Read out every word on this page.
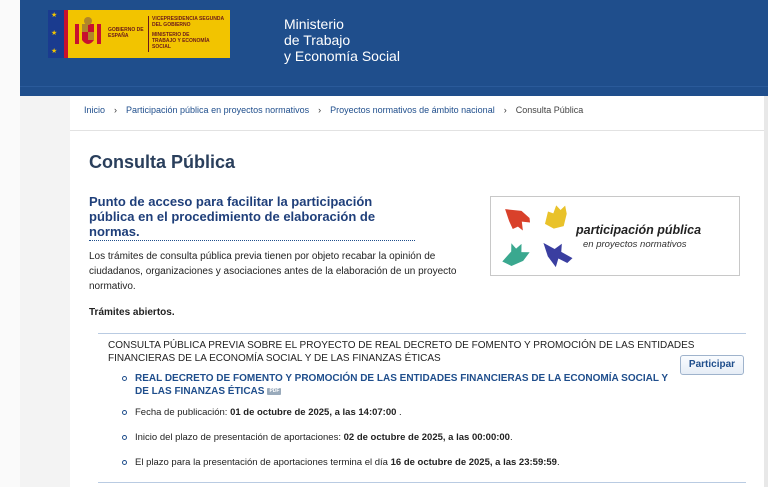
★
★
★
GOBIERNO DE ESPAÑA
VICEPRESIDENCIA SEGUNDA DEL GOBIERNO
MINISTERIO DE TRABAJO Y ECONOMÍA SOCIAL
Ministerio
de Trabajo
y Economía Social
Inicio › Participación pública en proyectos normativos › Proyectos normativos de ámbito nacional › Consulta Pública
Consulta Pública
Punto de acceso para facilitar la participación pública en el procedimiento de elaboración de normas.

Los trámites de consulta pública previa tienen por objeto recabar la opinión de ciudadanos, organizaciones y asociaciones antes de la elaboración de un proyecto normativo.

participación pública
en proyectos normativos
Trámites abiertos.
CONSULTA PÚBLICA PREVIA SOBRE EL PROYECTO DE REAL DECRETO DE FOMENTO Y PROMOCIÓN DE LAS ENTIDADES FINANCIERAS DE LA ECONOMÍA SOCIAL Y DE LAS FINANZAS ÉTICAS
Participar
REAL DECRETO DE FOMENTO Y PROMOCIÓN DE LAS ENTIDADES FINANCIERAS DE LA ECONOMÍA SOCIAL Y DE LAS FINANZAS ÉTICAS PDF
Fecha de publicación: 01 de octubre de 2025, a las 14:07:00 .
Inicio del plazo de presentación de aportaciones: 02 de octubre de 2025, a las 00:00:00.
El plazo para la presentación de aportaciones termina el día 16 de octubre de 2025, a las 23:59:59.
